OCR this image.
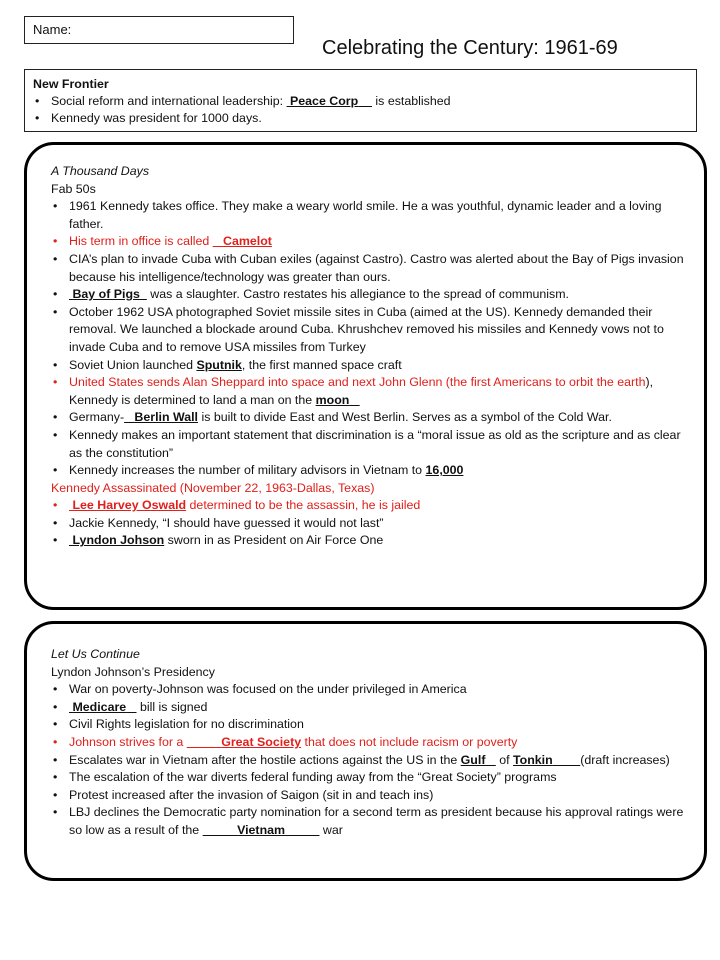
Name:
Celebrating the Century: 1961-69
New Frontier
• Social reform and international leadership:  Peace Corp     is established
• Kennedy was president for 1000 days.
A Thousand Days
Fab 50s
• 1961 Kennedy takes office. They make a weary world smile. He a was youthful, dynamic leader and a loving father.
• His term in office is called    Camelot
• CIA’s plan to invade Cuba with Cuban exiles (against Castro). Castro was alerted about the Bay of Pigs invasion because his intelligence/technology was greater than ours.
• Bay of Pigs   was a slaughter. Castro restates his allegiance to the spread of communism.
• October 1962 USA photographed Soviet missile sites in Cuba (aimed at the US). Kennedy demanded their removal. We launched a blockade around Cuba. Khrushchev removed his missiles and Kennedy vows not to invade Cuba and to remove USA missiles from Turkey
• Soviet Union launched Sputnik, the first manned space craft
• United States sends Alan Sheppard into space and next John Glenn (the first Americans to orbit the earth), Kennedy is determined to land a man on the moon
• Germany- Berlin Wall is built to divide East and West Berlin. Serves as a symbol of the Cold War.
• Kennedy makes an important statement that discrimination is a “moral issue as old as the scripture and as clear as the constitution”
• Kennedy increases the number of military advisors in Vietnam to 16,000
Kennedy Assassinated (November 22, 1963-Dallas, Texas)
• Lee Harvey Oswald determined to be the assassin, he is jailed
• Jackie Kennedy, “I should have guessed it would not last”
• Lyndon Johson sworn in as President on Air Force One
Let Us Continue
Lyndon Johnson’s Presidency
• War on poverty-Johnson was focused on the under privileged in America
• Medicare    bill is signed
• Civil Rights legislation for no discrimination
• Johnson strives for a	Great Society that does not include racism or poverty
• Escalates war in Vietnam after the hostile actions against the US in the Gulf    of Tonkin (draft increases)
• The escalation of the war diverts federal funding away from the “Great Society” programs
• Protest increased after the invasion of Saigon (sit in and teach ins)
• LBJ declines the Democratic party nomination for a second term as president because his approval ratings were so low as a result of the	Vietnam	war
